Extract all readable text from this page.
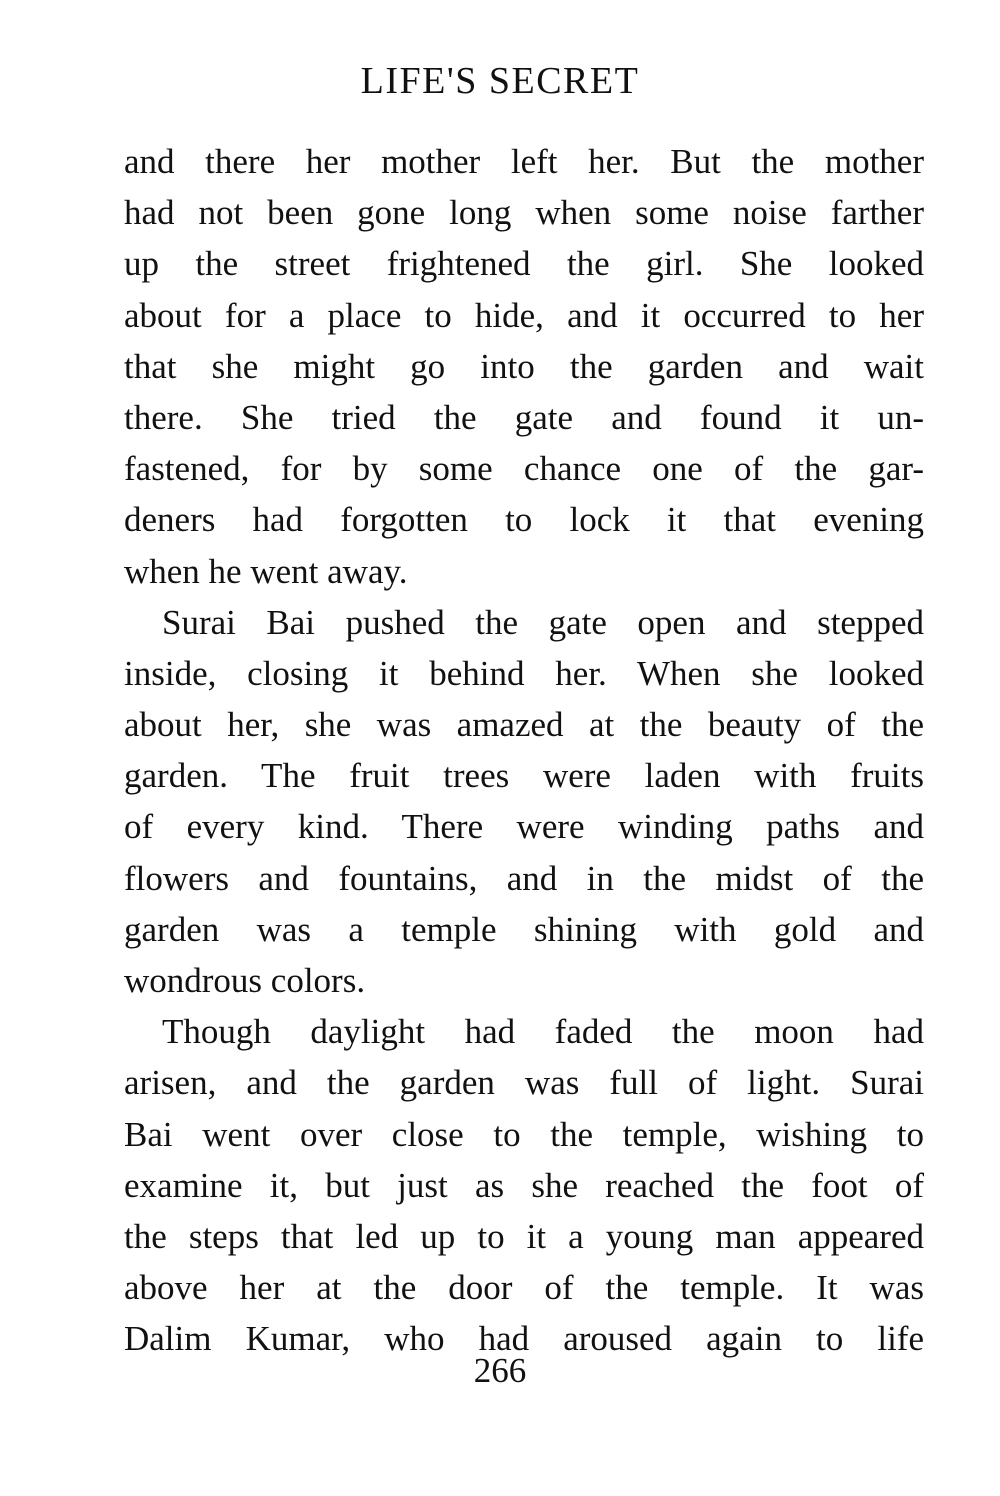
LIFE'S SECRET
and there her mother left her. But the mother
had not been gone long when some noise farther
up the street frightened the girl. She looked
about for a place to hide, and it occurred to her
that she might go into the garden and wait
there. She tried the gate and found it un-
fastened, for by some chance one of the gar-
deners had forgotten to lock it that evening
when he went away.
Surai Bai pushed the gate open and stepped
inside, closing it behind her. When she looked
about her, she was amazed at the beauty of the
garden. The fruit trees were laden with fruits
of every kind. There were winding paths and
flowers and fountains, and in the midst of the
garden was a temple shining with gold and
wondrous colors.
Though daylight had faded the moon had
arisen, and the garden was full of light. Surai
Bai went over close to the temple, wishing to
examine it, but just as she reached the foot of
the steps that led up to it a young man appeared
above her at the door of the temple. It was
Dalim Kumar, who had aroused again to life
266
